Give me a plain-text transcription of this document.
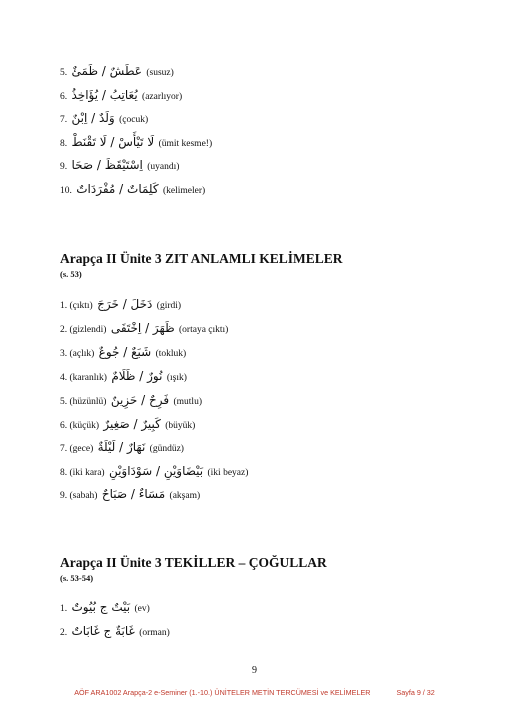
5. عَطَشٌ / ظَمَئٌ (susuz)
6. يُعَاتِبُ / يُؤَاخِذُ (azarlıyor)
7. وَلَدٌ / اِبْنٌ (çocuk)
8. لَا تَيْأَسْ / لَا تَقْنَطْ (ümit kesme!)
9. اِسْتَيْقَظَ / صَحَا (uyandı)
10. كَلِمَاتٌ / مُفْرَدَاتٌ (kelimeler)
Arapça II Ünite 3 ZIT ANLAMLI KELİMELER
(s. 53)
1. (çıktı) دَخَلَ / خَرَجَ (girdi)
2. (gizlendi) ظَهَرَ / اِخْتَفَى (ortaya çıktı)
3. (açlık) شَبَعٌ / جُوعٌ (tokluk)
4. (karanlık) نُورٌ / ظَلَامٌ (ışık)
5. (hüzünlü) فَرِحٌ / حَزِينٌ (mutlu)
6. (küçük) كَبِيرٌ / صَغِيرٌ (büyük)
7. (gece) نَهَارٌ / لَيْلَةٌ (gündüz)
8. (iki kara) بَيْضَاوَيْنِ / سَوْدَاوَيْنِ (iki beyaz)
9. (sabah) مَسَاءٌ / صَبَاحٌ (akşam)
Arapça II Ünite 3 TEKİLLER – ÇOĞULLAR
(s. 53-54)
1. بَيْتٌ ج بُيُوتٌ (ev)
2. غَابَةٌ ج غَابَاتٌ (orman)
9
AÖF ARA1002 Arapça-2 e-Seminer (1.-10.) ÜNİTELER METİN TERCÜMESİ ve KELİMELER	Sayfa 9 / 32
